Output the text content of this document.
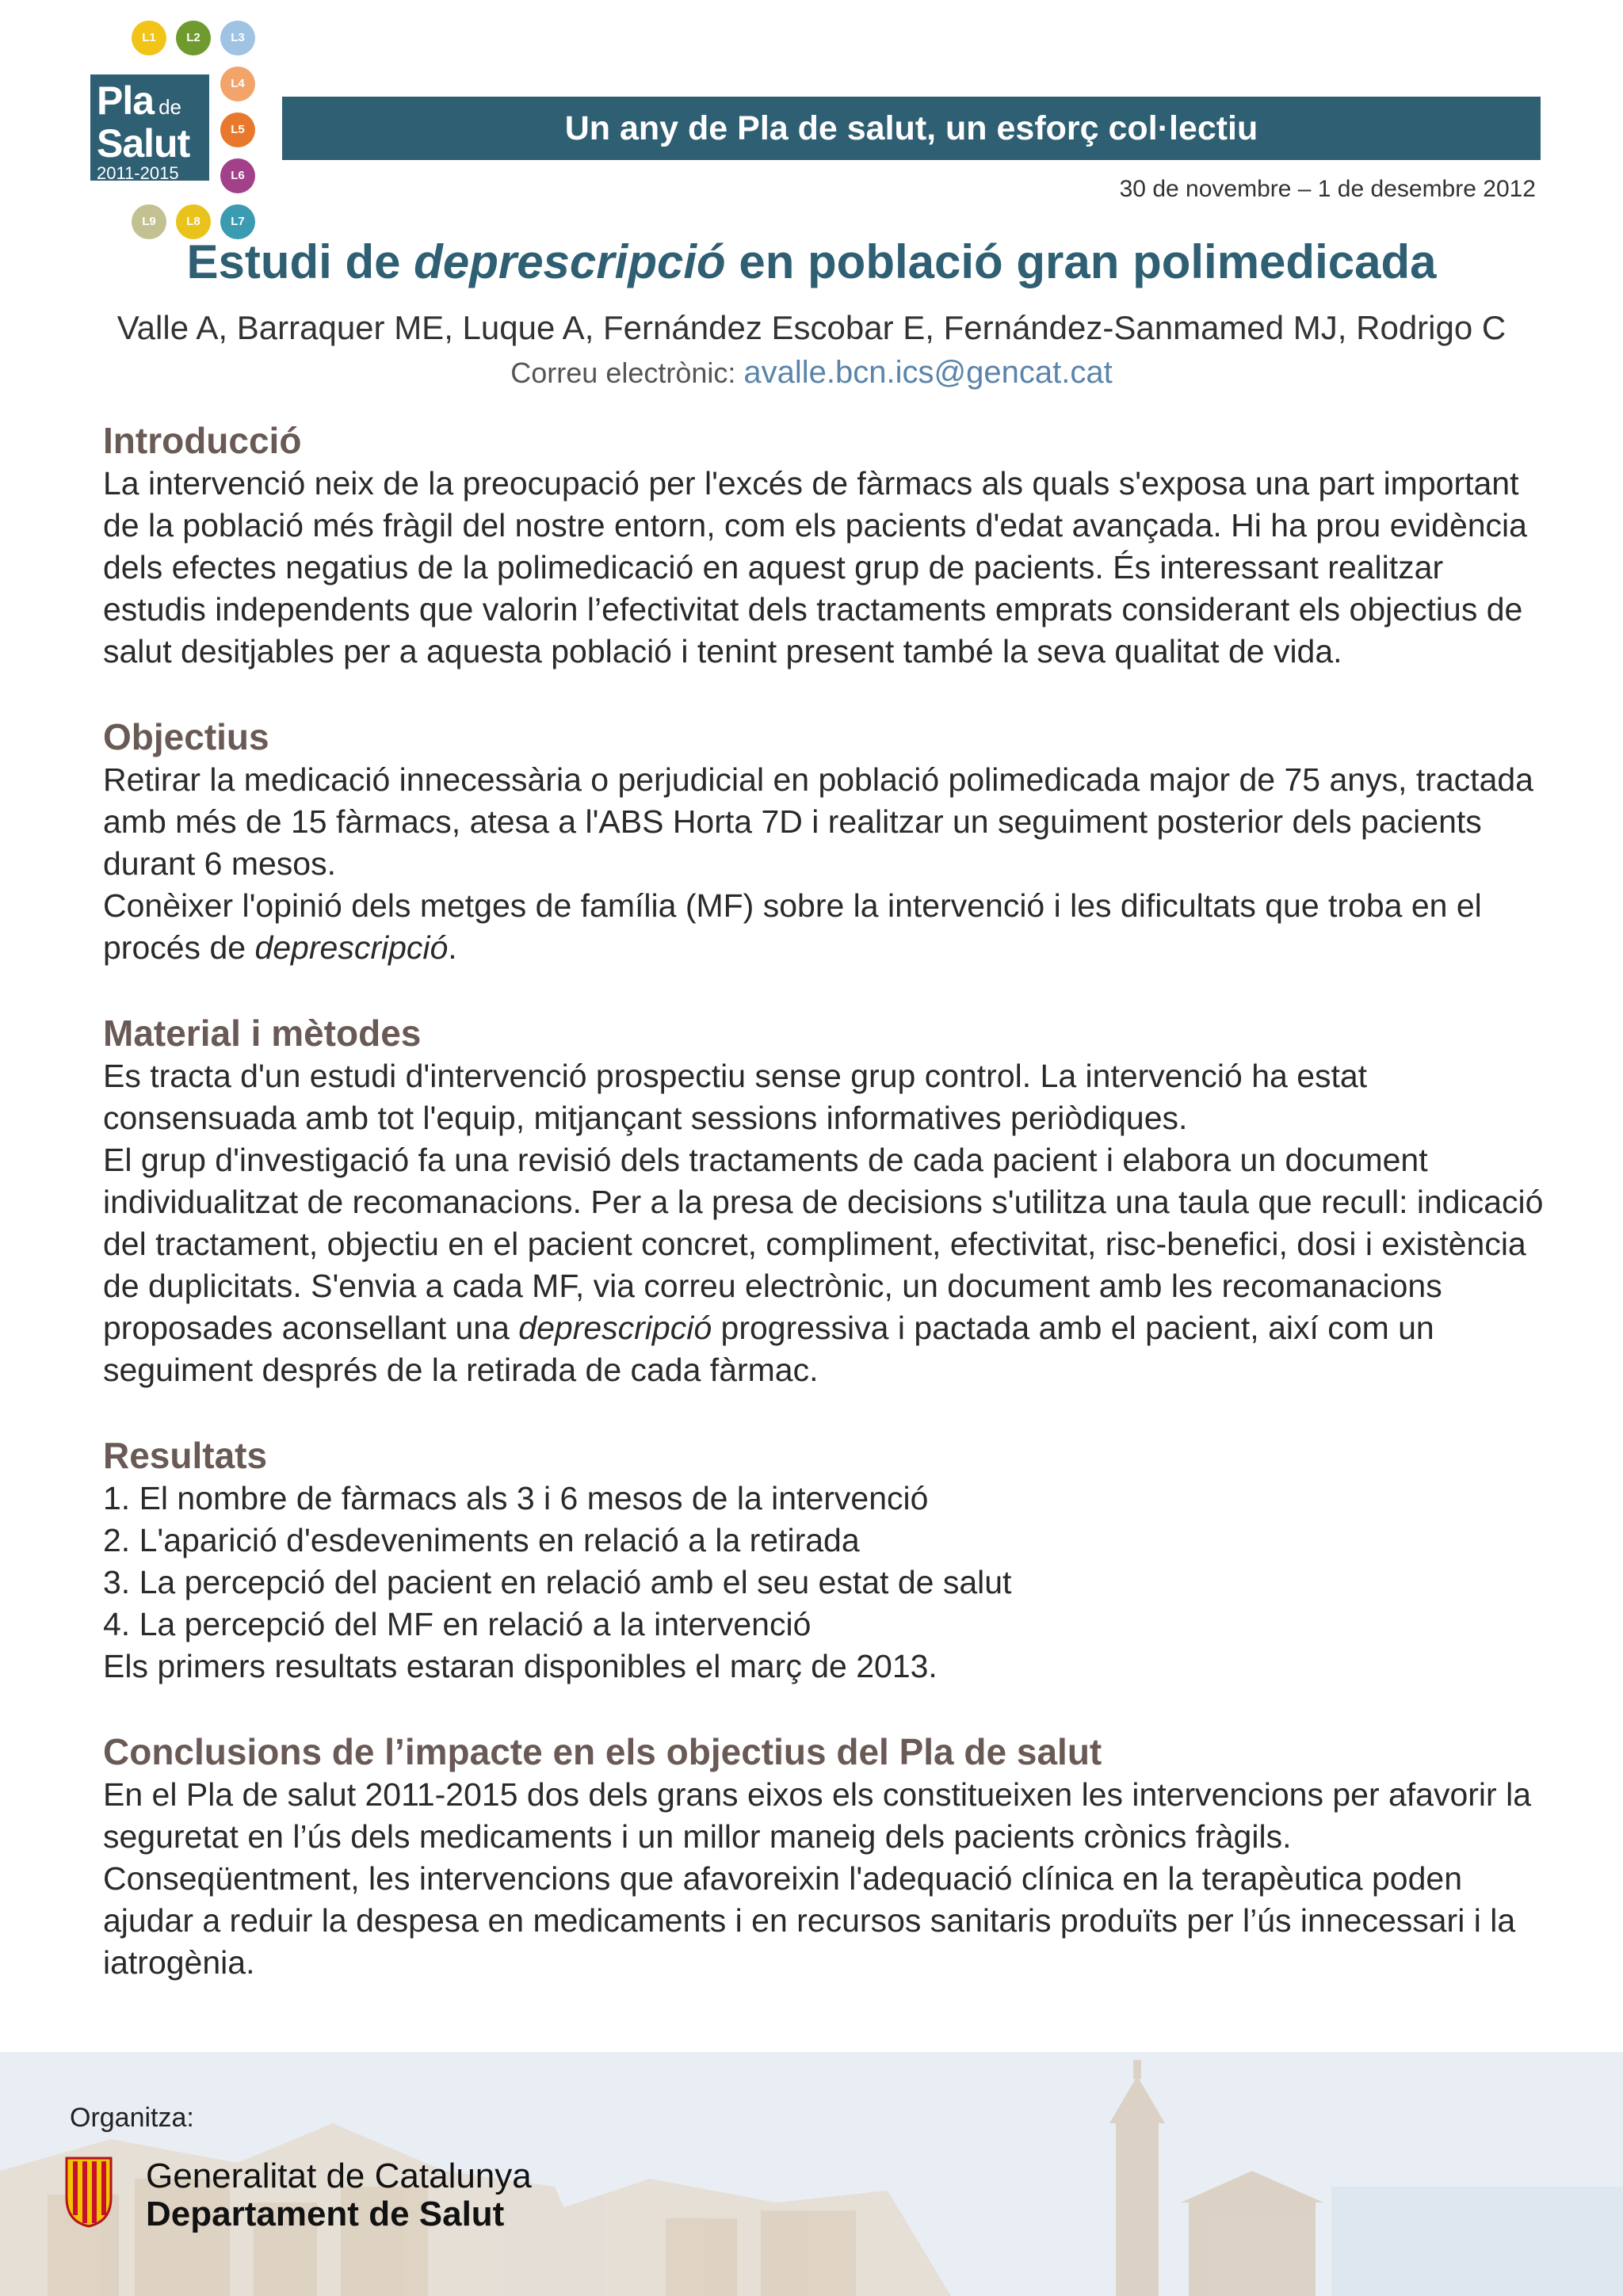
L1	L2	L3
L4
L5
L6
L7
L8
L9
Pla de
Salut
2011-2015
Un any de Pla de salut, un esforç col·lectiu
30 de novembre – 1 de desembre 2012
Estudi de deprescripció en població gran polimedicada
Valle A, Barraquer ME, Luque A, Fernández Escobar E, Fernández-Sanmamed MJ, Rodrigo C
Correu electrònic: avalle.bcn.ics@gencat.cat
Introducció

La intervenció neix de la preocupació per l'excés de fàrmacs als quals s'exposa una part important de la població més fràgil del nostre entorn, com els pacients d'edat avançada. Hi ha prou evidència dels efectes negatius de la polimedicació en aquest grup de pacients. És interessant realitzar estudis independents que valorin l’efectivitat dels tractaments emprats considerant els objectius de salut desitjables per a aquesta població i tenint present també la seva qualitat de vida.

Objectius

Retirar la medicació innecessària o perjudicial en població polimedicada major de 75 anys, tractada amb més de 15 fàrmacs, atesa a l'ABS Horta 7D i realitzar un seguiment posterior dels pacients durant 6 mesos.

Conèixer l'opinió dels metges de família (MF) sobre la intervenció i les dificultats que troba en el procés de deprescripció.

Material i mètodes

Es tracta d'un estudi d'intervenció prospectiu sense grup control. La intervenció ha estat consensuada amb tot l'equip, mitjançant sessions informatives periòdiques.

El grup d'investigació fa una revisió dels tractaments de cada pacient i elabora un document individualitzat de recomanacions. Per a la presa de decisions s'utilitza una taula que recull: indicació del tractament, objectiu en el pacient concret, compliment, efectivitat, risc-benefici, dosi i existència de duplicitats. S'envia a cada MF, via correu electrònic, un document amb les recomanacions proposades aconsellant una deprescripció progressiva i pactada amb el pacient, així com un seguiment després de la retirada de cada fàrmac.

Resultats
1. El nombre de fàrmacs als 3 i 6 mesos de la intervenció
2. L'aparició d'esdeveniments en relació a la retirada
3. La percepció del pacient en relació amb el seu estat de salut
4. La percepció del MF en relació a la intervenció

Els primers resultats estaran disponibles el març de 2013.

Conclusions de l’impacte en els objectius del Pla de salut

En el Pla de salut 2011-2015 dos dels grans eixos els constitueixen les intervencions per afavorir la seguretat en l’ús dels medicaments i un millor maneig dels pacients crònics fràgils. Conseqüentment, les intervencions que afavoreixin l'adequació clínica en la terapèutica poden ajudar a reduir la despesa en medicaments i en recursos sanitaris produïts per l’ús innecessari i la iatrogènia.

Organitza:
Generalitat de Catalunya
Departament de Salut
